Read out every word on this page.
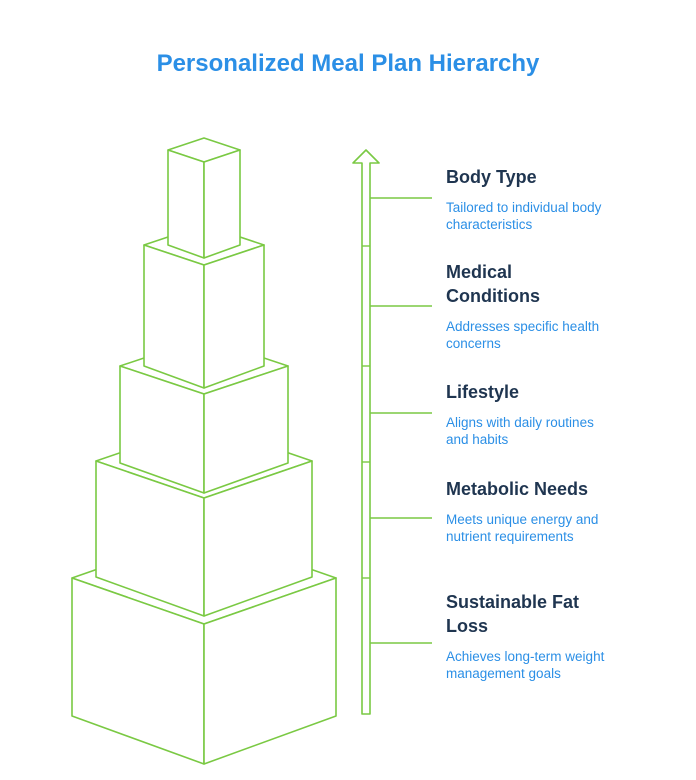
Personalized Meal Plan Hierarchy
Body Type
Tailored to individual body characteristics
Medical Conditions
Addresses specific health concerns
Lifestyle
Aligns with daily routines and habits
Metabolic Needs
Meets unique energy and nutrient requirements
Sustainable Fat Loss
Achieves long-term weight management goals
